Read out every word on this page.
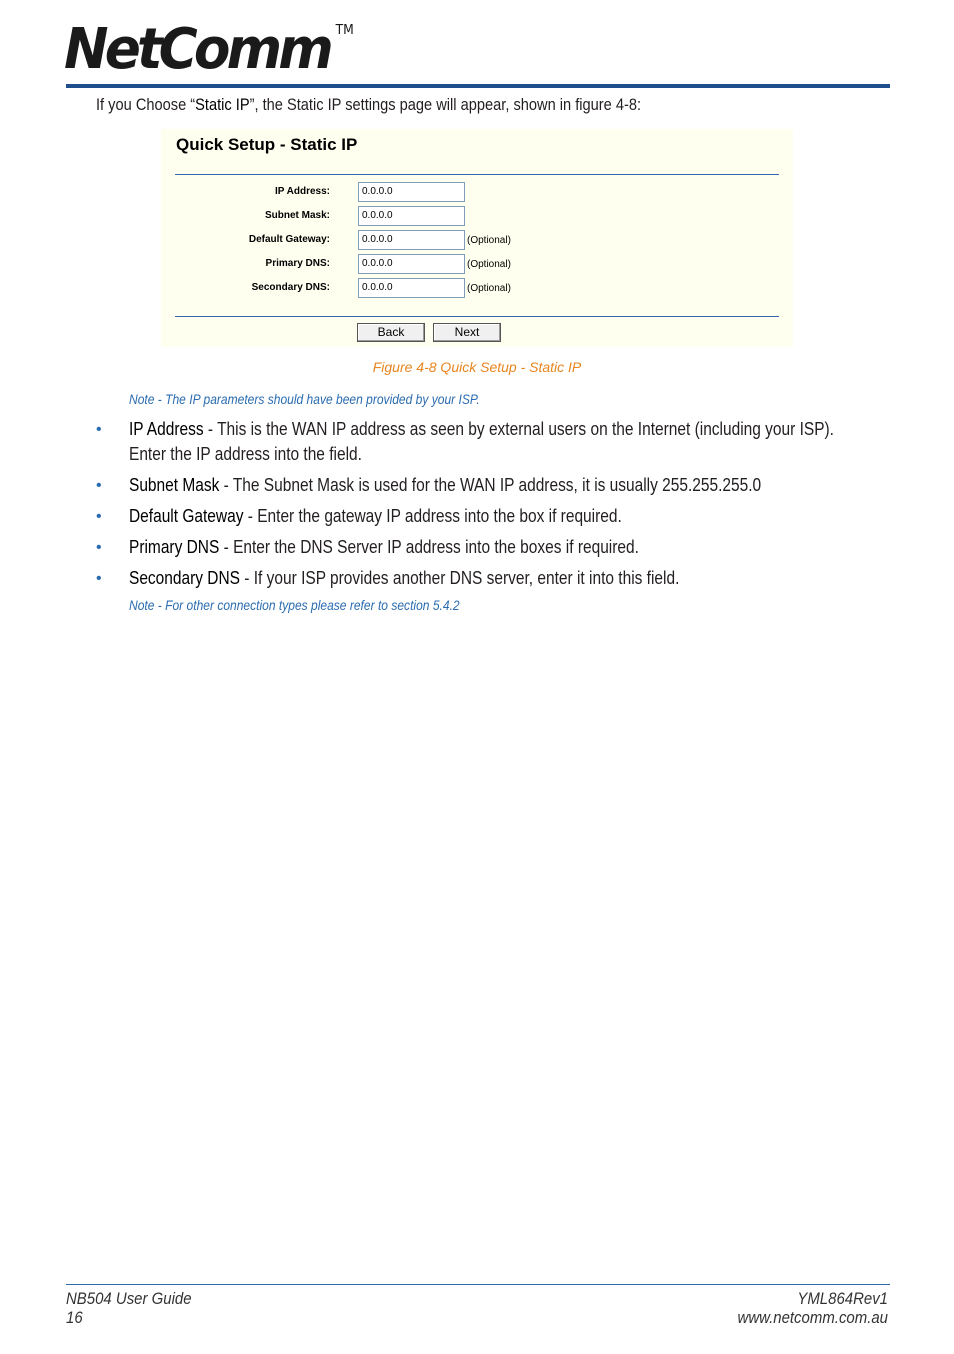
NetComm ™
If you Choose “Static IP”, the Static IP settings page will appear, shown in figure 4-8:
Quick Setup - Static IP
IP Address:
0.0.0.0
Subnet Mask:
0.0.0.0
Default Gateway:
0.0.0.0	(Optional)
Primary DNS:
0.0.0.0	(Optional)
Secondary DNS:
0.0.0.0	(Optional)
Back	Next
Figure 4-8 Quick Setup - Static IP
Note - The IP parameters should have been provided by your ISP.
• IP Address - This is the WAN IP address as seen by external users on the Internet (including your ISP).
Enter the IP address into the field.
• Subnet Mask - The Subnet Mask is used for the WAN IP address, it is usually 255.255.255.0
• Default Gateway - Enter the gateway IP address into the box if required.
• Primary DNS - Enter the DNS Server IP address into the boxes if required.
• Secondary DNS - If your ISP provides another DNS server, enter it into this field.
Note - For other connection types please refer to section 5.4.2
NB504 User Guide
16
YML864Rev1
www.netcomm.com.au
